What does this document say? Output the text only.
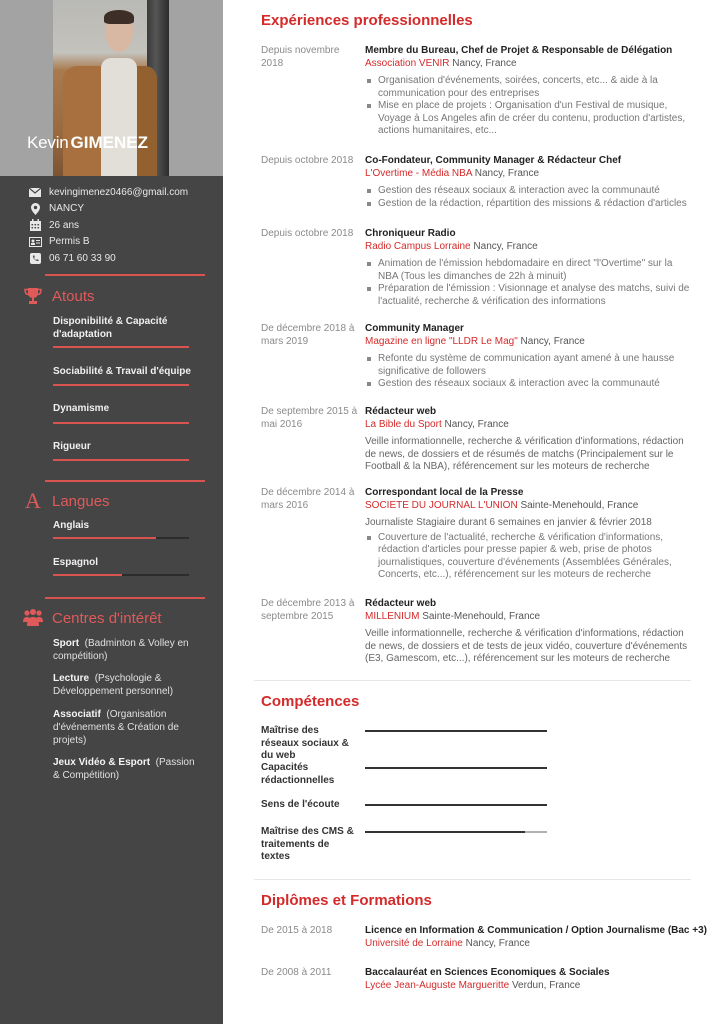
Kevin GIMENEZ
kevingimenez0466@gmail.com
NANCY
26 ans
Permis B
06 71 60 33 90
Atouts
Disponibilité & Capacité d'adaptation
Sociabilité & Travail d'équipe
Dynamisme
Rigueur
A Langues
Anglais
Espagnol
Centres d'intérêt
Sport (Badminton & Volley en compétition)
Lecture (Psychologie & Développement personnel)
Associatif (Organisation d'événements & Création de projets)
Jeux Vidéo & Esport (Passion & Compétition)
Expériences professionnelles
Depuis novembre 2018
Membre du Bureau, Chef de Projet & Responsable de Délégation
Association VENIR Nancy, France
Organisation d'événements, soirées, concerts, etc... & aide à la communication pour des entreprises
Mise en place de projets : Organisation d'un Festival de musique, Voyage à Los Angeles afin de créer du contenu, production d'artistes, actions humanitaires, etc...
Depuis octobre 2018	Co-Fondateur, Community Manager & Rédacteur Chef
L'Overtime - Média NBA Nancy, France
Gestion des réseaux sociaux & interaction avec la communauté
Gestion de la rédaction, répartition des missions & rédaction d'articles
Depuis octobre 2018	Chroniqueur Radio
Radio Campus Lorraine Nancy, France
Animation de l'émission hebdomadaire en direct "l'Overtime" sur la NBA (Tous les dimanches de 22h à minuit)
Préparation de l'émission : Visionnage et analyse des matchs, suivi de l'actualité, recherche & vérification des informations
De décembre 2018 à mars 2019
Community Manager
Magazine en ligne "LLDR Le Mag" Nancy, France
Refonte du système de communication ayant amené à une hausse significative de followers
Gestion des réseaux sociaux & interaction avec la communauté
De septembre 2015 à mai 2016
Rédacteur web
La Bible du Sport Nancy, France
Veille informationnelle, recherche & vérification d'informations, rédaction de news, de dossiers et de résumés de matchs (Principalement sur le Football & la NBA), référencement sur les moteurs de recherche
De décembre 2014 à mars 2016
Correspondant local de la Presse
SOCIETE DU JOURNAL L'UNION Sainte-Menehould, France
Journaliste Stagiaire durant 6 semaines en janvier & février 2018
Couverture de l'actualité, recherche & vérification d'informations, rédaction d'articles pour presse papier & web, prise de photos journalistiques, couverture d'événements (Assemblées Générales, Concerts, etc...), référencement sur les moteurs de recherche
De décembre 2013 à septembre 2015
Rédacteur web
MILLENIUM Sainte-Menehould, France
Veille informationnelle, recherche & vérification d'informations, rédaction de news, de dossiers et de tests de jeux vidéo, couverture d'événements (E3, Gamescom, etc...), référencement sur les moteurs de recherche
Compétences
Maîtrise des réseaux sociaux & du web
Capacités rédactionnelles
Sens de l'écoute
Maîtrise des CMS & traitements de textes
Diplômes et Formations
De 2015 à 2018	Licence en Information & Communication / Option Journalisme (Bac +3)
Université de Lorraine Nancy, France
De 2008 à 2011	Baccalauréat en Sciences Economiques & Sociales
Lycée Jean-Auguste Margueritte Verdun, France
